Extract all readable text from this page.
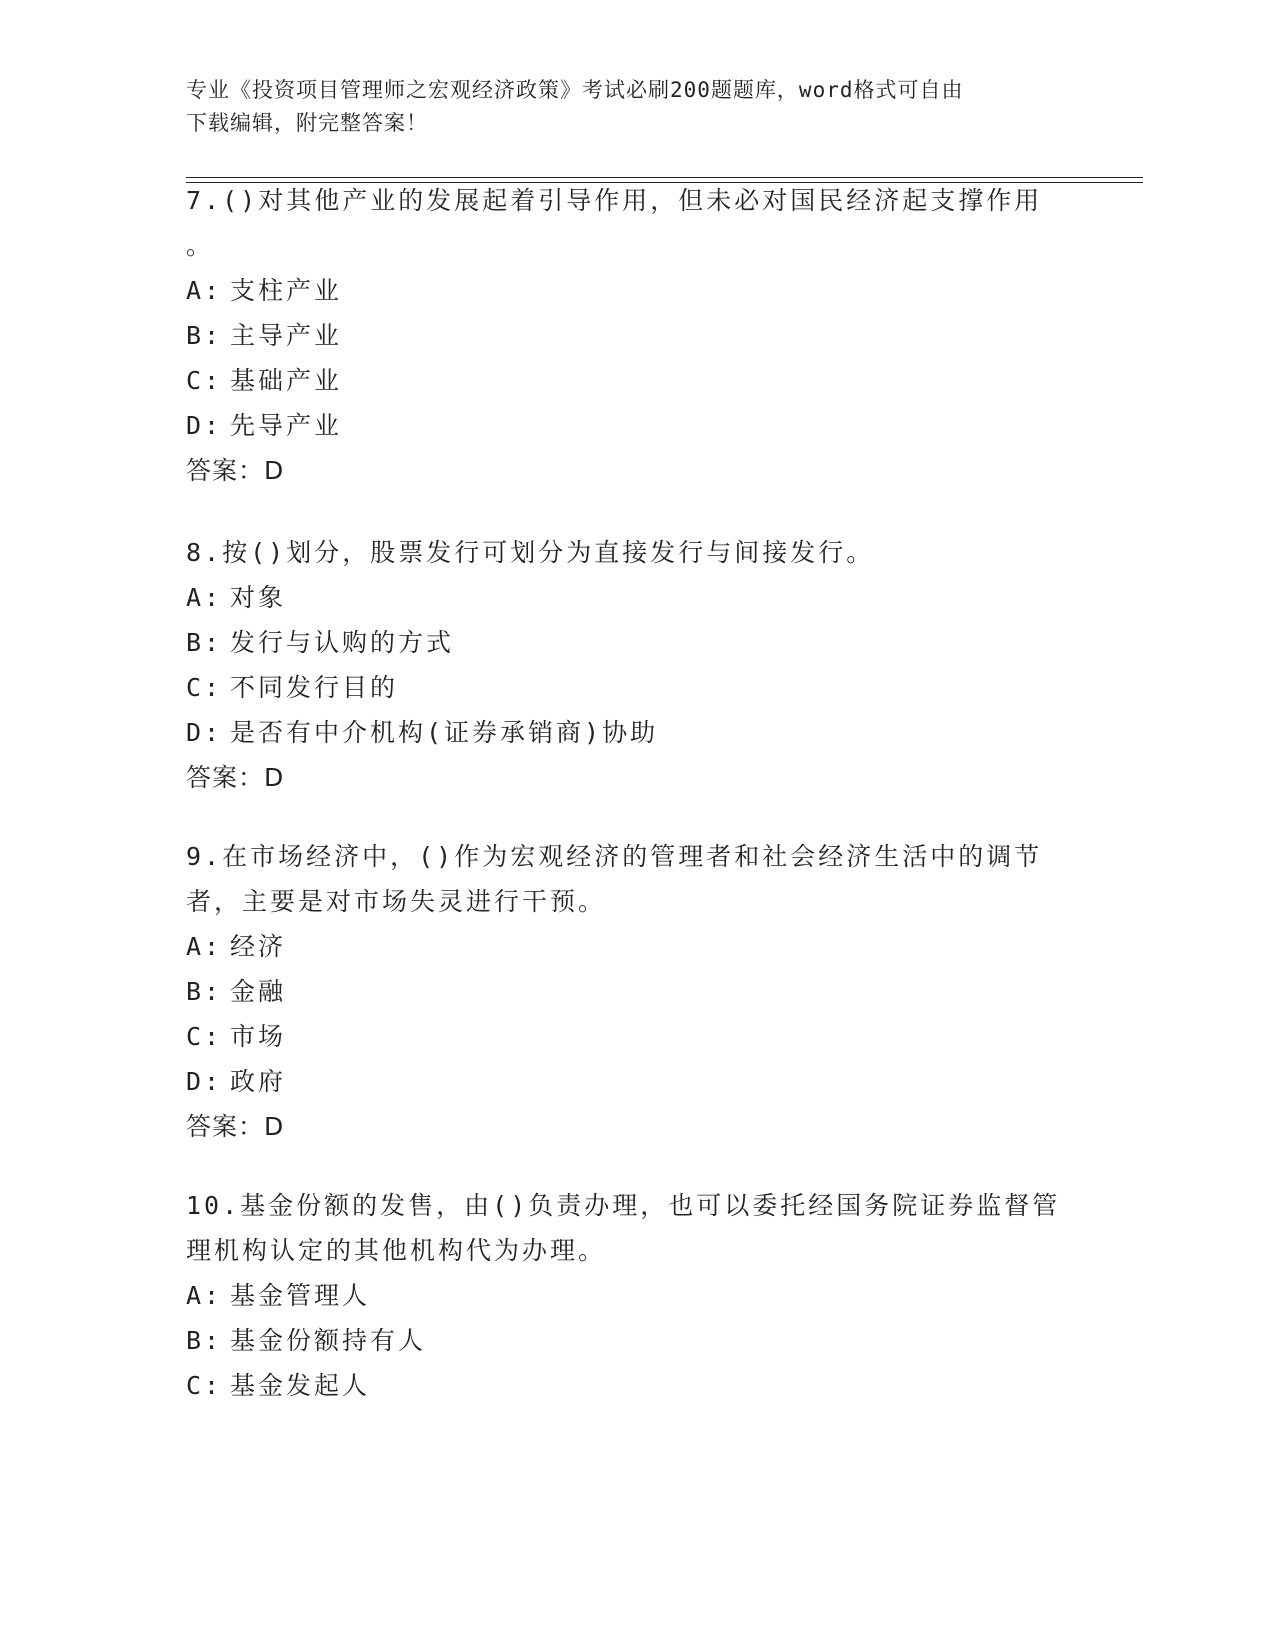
专业《投资项目管理师之宏观经济政策》考试必刷200题题库，word格式可自由
下载编辑，附完整答案！
7.()对其他产业的发展起着引导作用，但未必对国民经济起支撑作用
。
A: 支柱产业
B: 主导产业
C: 基础产业
D: 先导产业
答案：D
8.按()划分，股票发行可划分为直接发行与间接发行。
A: 对象
B: 发行与认购的方式
C: 不同发行目的
D: 是否有中介机构(证券承销商)协助
答案：D
9.在市场经济中，()作为宏观经济的管理者和社会经济生活中的调节
者，主要是对市场失灵进行干预。
A: 经济
B: 金融
C: 市场
D: 政府
答案：D
10.基金份额的发售，由()负责办理，也可以委托经国务院证券监督管
理机构认定的其他机构代为办理。
A: 基金管理人
B: 基金份额持有人
C: 基金发起人
